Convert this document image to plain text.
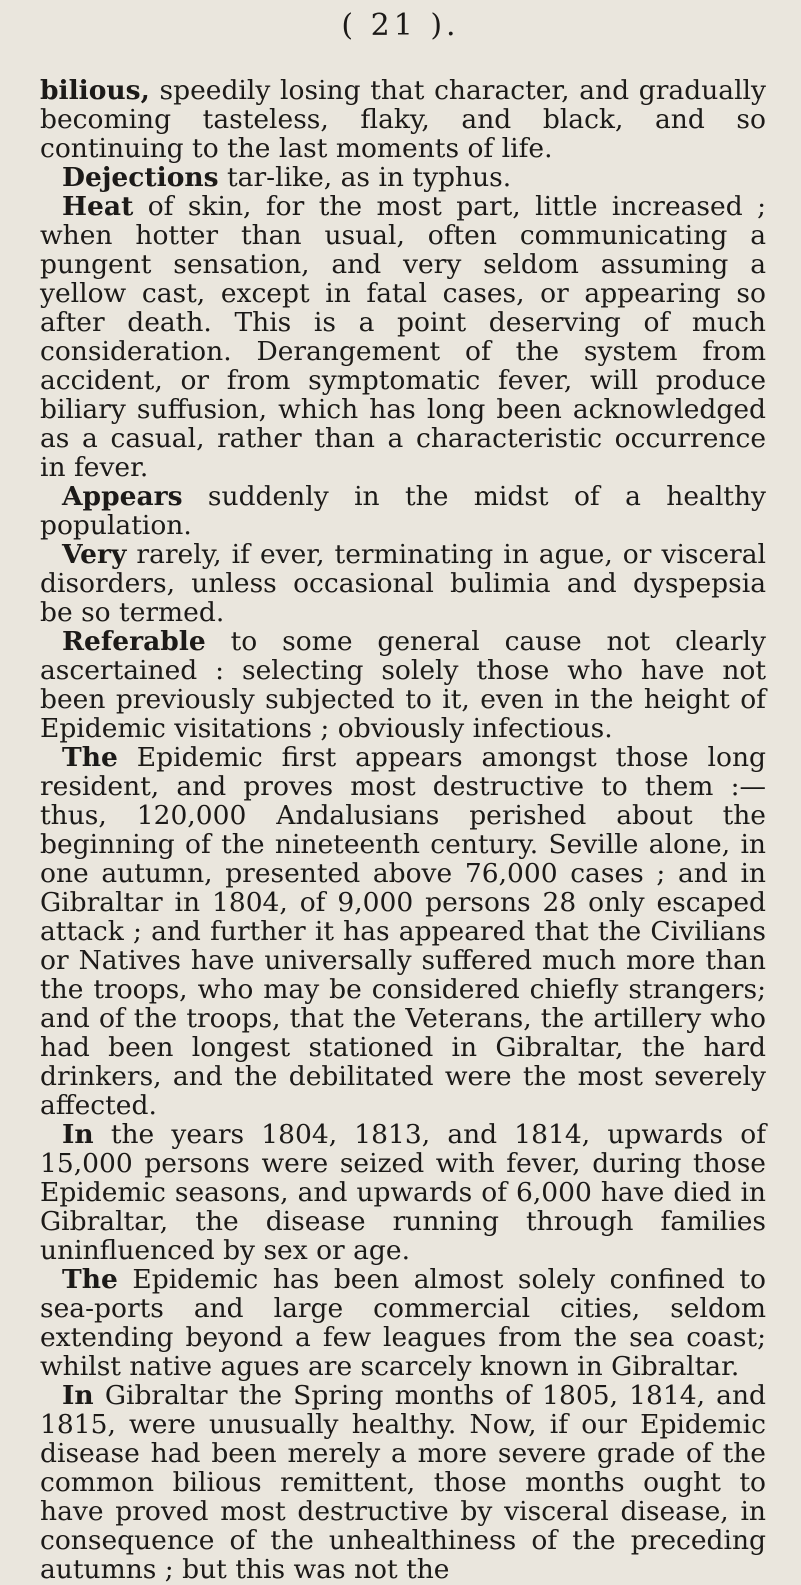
( 21 ).

bilious, speedily losing that character, and gradually becoming tasteless, flaky, and black, and so continuing to the last moments of life.

Dejections tar-like, as in typhus.

Heat of skin, for the most part, little increased ; when hotter than usual, often communicating a pungent sensation, and very seldom assuming a yellow cast, except in fatal cases, or appearing so after death. This is a point deserving of much consideration. Derangement of the system from accident, or from symptomatic fever, will produce biliary suffusion, which has long been acknowledged as a casual, rather than a characteristic occurrence in fever.

Appears suddenly in the midst of a healthy population.

Very rarely, if ever, terminating in ague, or visceral disorders, unless occasional bulimia and dyspepsia be so termed.

Referable to some general cause not clearly ascertained : selecting solely those who have not been previously subjected to it, even in the height of Epidemic visitations ; obviously infectious.

The Epidemic first appears amongst those long resident, and proves most destructive to them :—thus, 120,000 Andalusians perished about the beginning of the nineteenth century. Seville alone, in one autumn, presented above 76,000 cases ; and in Gibraltar in 1804, of 9,000 persons 28 only escaped attack ; and further it has appeared that the Civilians or Natives have universally suffered much more than the troops, who may be considered chiefly strangers; and of the troops, that the Veterans, the artillery who had been longest stationed in Gibraltar, the hard drinkers, and the debilitated were the most severely affected.

In the years 1804, 1813, and 1814, upwards of 15,000 persons were seized with fever, during those Epidemic seasons, and upwards of 6,000 have died in Gibraltar, the disease running through families uninfluenced by sex or age.

The Epidemic has been almost solely confined to sea-ports and large commercial cities, seldom extending beyond a few leagues from the sea coast; whilst native agues are scarcely known in Gibraltar.

In Gibraltar the Spring months of 1805, 1814, and 1815, were unusually healthy. Now, if our Epidemic disease had been merely a more severe grade of the common bilious remittent, those months ought to have proved most destructive by visceral disease, in consequence of the unhealthiness of the preceding autumns ; but this was not the
